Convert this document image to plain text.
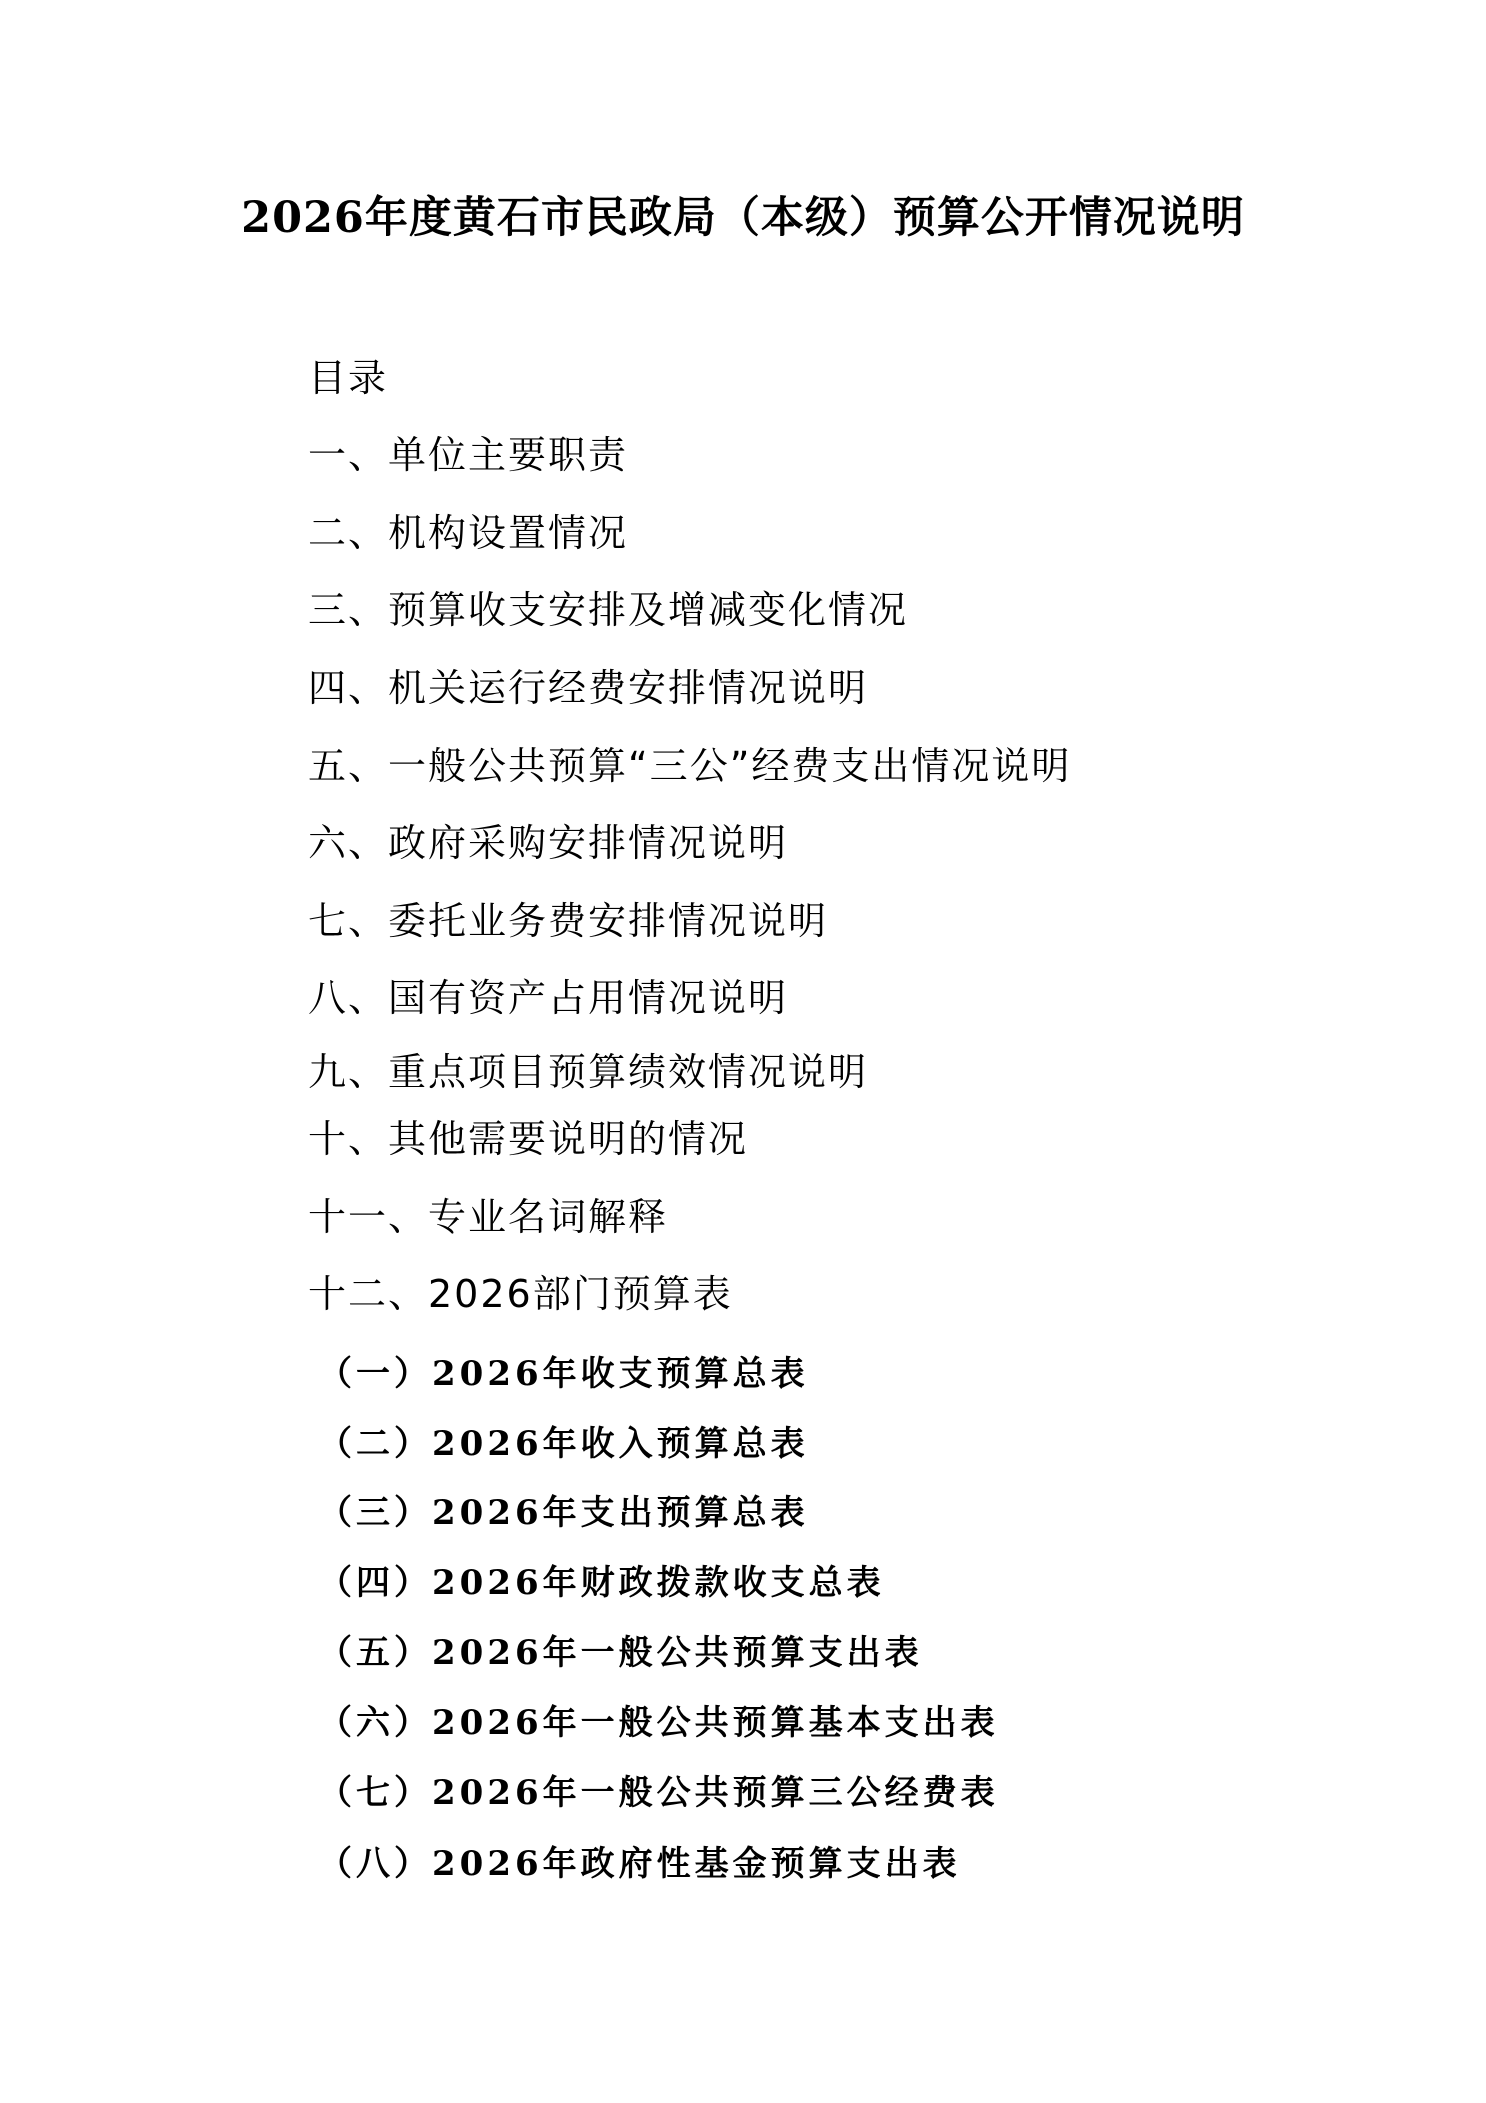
2026年度黄石市民政局（本级）预算公开情况说明
目录
一、单位主要职责
二、机构设置情况
三、预算收支安排及增减变化情况
四、机关运行经费安排情况说明
五、一般公共预算“三公”经费支出情况说明
六、政府采购安排情况说明
七、委托业务费安排情况说明
八、国有资产占用情况说明
九、重点项目预算绩效情况说明
十、其他需要说明的情况
十一、专业名词解释
十二、2026部门预算表
（一）2026年收支预算总表
（二）2026年收入预算总表
（三）2026年支出预算总表
（四）2026年财政拨款收支总表
（五）2026年一般公共预算支出表
（六）2026年一般公共预算基本支出表
（七）2026年一般公共预算三公经费表
（八）2026年政府性基金预算支出表
